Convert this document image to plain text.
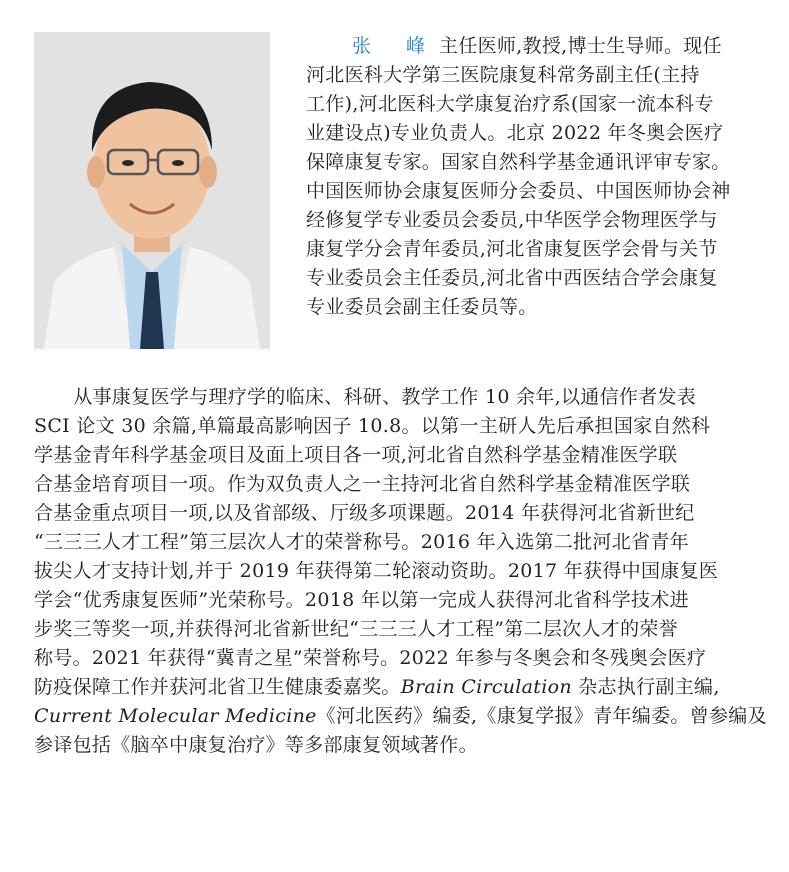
张　峰 主任医师,教授,博士生导师。现任
河北医科大学第三医院康复科常务副主任(主持
工作),河北医科大学康复治疗系(国家一流本科专
业建设点)专业负责人。北京 2022 年冬奥会医疗
保障康复专家。国家自然科学基金通讯评审专家。
中国医师协会康复医师分会委员、中国医师协会神
经修复学专业委员会委员,中华医学会物理医学与
康复学分会青年委员,河北省康复医学会骨与关节
专业委员会主任委员,河北省中西医结合学会康复
专业委员会副主任委员等。
　从事康复医学与理疗学的临床、科研、教学工作 10 余年,以通信作者发表
SCI 论文 30 余篇,单篇最高影响因子 10.8。以第一主研人先后承担国家自然科
学基金青年科学基金项目及面上项目各一项,河北省自然科学基金精准医学联
合基金培育项目一项。作为双负责人之一主持河北省自然科学基金精准医学联
合基金重点项目一项,以及省部级、厅级多项课题。2014 年获得河北省新世纪
“三三三人才工程”第三层次人才的荣誉称号。2016 年入选第二批河北省青年
拔尖人才支持计划,并于 2019 年获得第二轮滚动资助。2017 年获得中国康复医
学会“优秀康复医师”光荣称号。2018 年以第一完成人获得河北省科学技术进
步奖三等奖一项,并获得河北省新世纪“三三三人才工程”第二层次人才的荣誉
称号。2021 年获得“冀青之星”荣誉称号。2022 年参与冬奥会和冬残奥会医疗
防疫保障工作并获河北省卫生健康委嘉奖。Brain Circulation 杂志执行副主编,
Current Molecular Medicine《河北医药》编委,《康复学报》青年编委。曾参编及
参译包括《脑卒中康复治疗》等多部康复领域著作。
